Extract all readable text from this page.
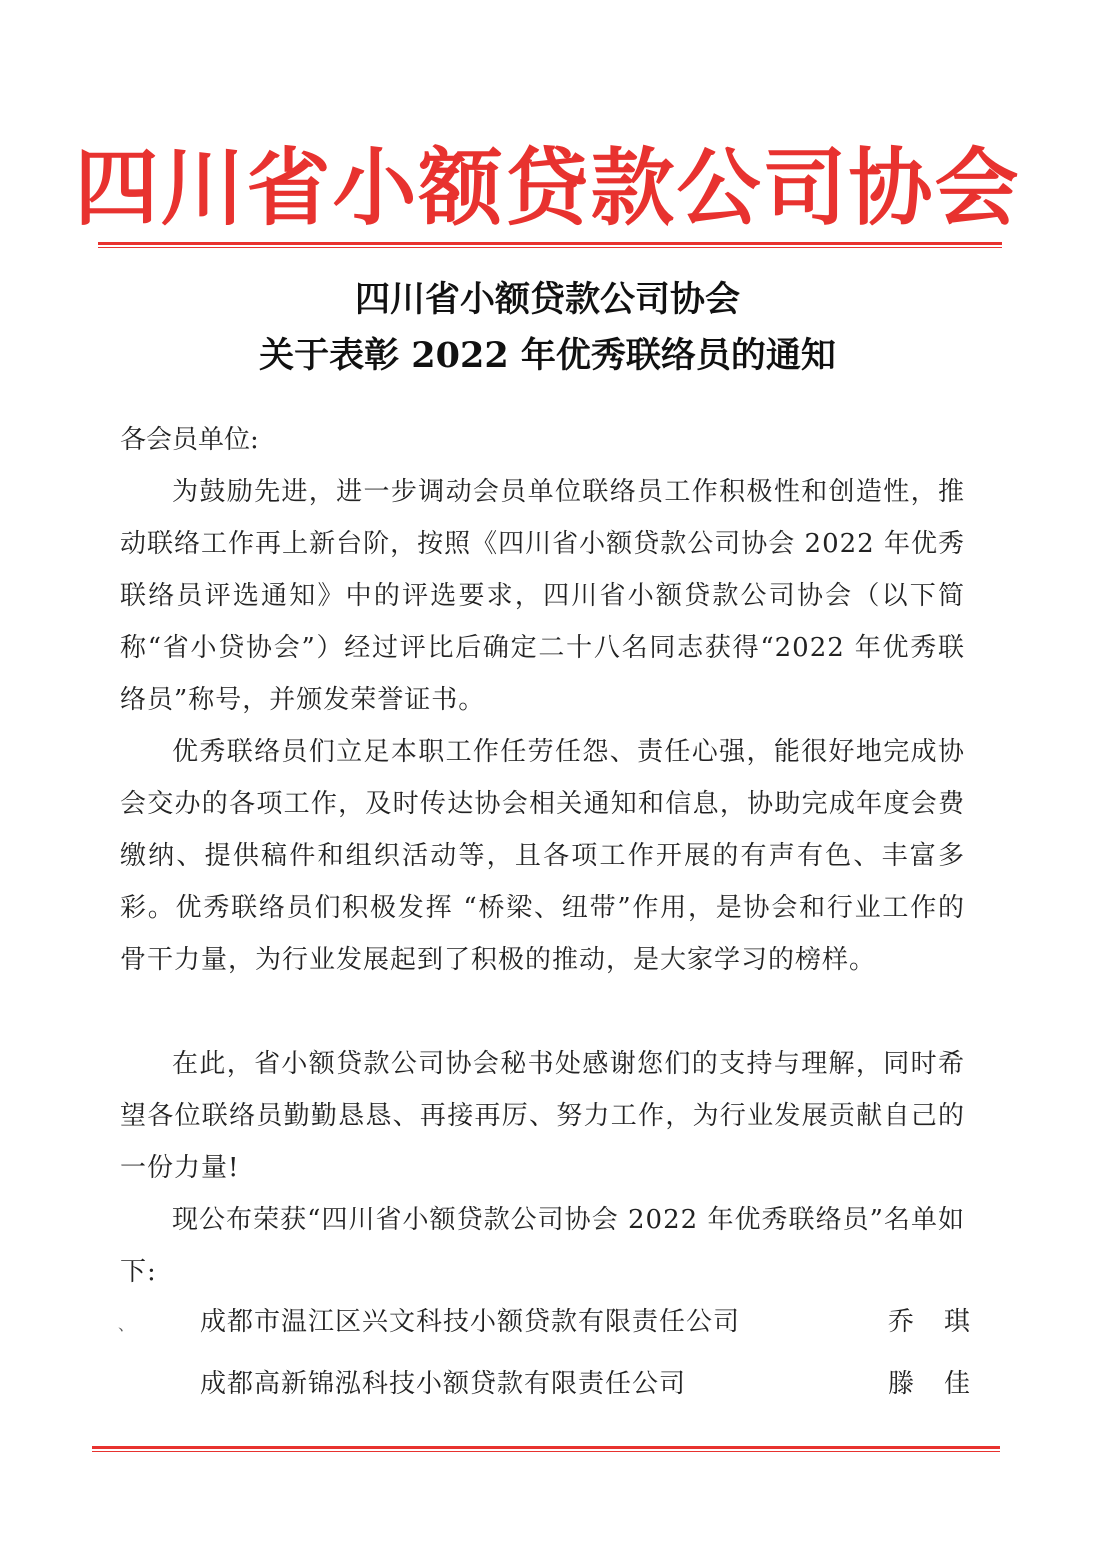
四川省小额贷款公司协会
四川省小额贷款公司协会
关于表彰 2022 年优秀联络员的通知
各会员单位:
为鼓励先进，进一步调动会员单位联络员工作积极性和创造性，推动联络工作再上新台阶，按照《四川省小额贷款公司协会 2022 年优秀联络员评选通知》中的评选要求，四川省小额贷款公司协会（以下简称“省小贷协会”）经过评比后确定二十八名同志获得“2022 年优秀联络员”称号，并颁发荣誉证书。
优秀联络员们立足本职工作任劳任怨、责任心强，能很好地完成协会交办的各项工作，及时传达协会相关通知和信息，协助完成年度会费缴纳、提供稿件和组织活动等，且各项工作开展的有声有色、丰富多彩。优秀联络员们积极发挥 “桥梁、纽带”作用，是协会和行业工作的骨干力量，为行业发展起到了积极的推动，是大家学习的榜样。
在此，省小额贷款公司协会秘书处感谢您们的支持与理解，同时希望各位联络员勤勤恳恳、再接再厉、努力工作，为行业发展贡献自己的一份力量!
现公布荣获“四川省小额贷款公司协会 2022 年优秀联络员”名单如下:
、	成都市温江区兴文科技小额贷款有限责任公司	乔琪
成都高新锦泓科技小额贷款有限责任公司	滕佳
